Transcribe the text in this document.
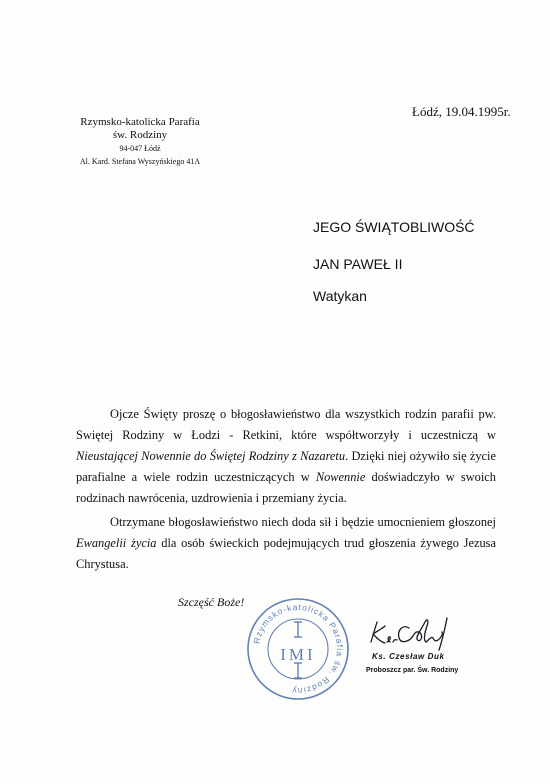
Rzymsko-katolicka Parafia
św. Rodziny
94-047 Łódź
Al. Kard. Stefana Wyszyńskiego 41A
Łódź, 19.04.1995r.
JEGO ŚWIĄTOBLIWOŚĆ
JAN PAWEŁ II
Watykan

Ojcze Święty proszę o błogosławieństwo dla wszystkich rodzin parafii pw. Swiętej Rodziny w Łodzi - Retkini, które współtworzyły i uczestniczą w Nieustającej Nowennie do Świętej Rodziny z Nazaretu. Dzięki niej ożywiło się życie parafialne a wiele rodzin uczestniczących w Nowennie doświadczyło w swoich rodzinach nawrócenia, uzdrowienia i przemiany życia.

Otrzymane błogosławieństwo niech doda sił i będzie umocnieniem głoszonej Ewangelii życia dla osób świeckich podejmujących trud głoszenia żywego Jezusa Chrystusa.

Szczęść Boże!
Rzymsko-katolicka Parafia św. Rodziny
IMI	Ks. Czesław Duk
Proboszcz par. Św. Rodziny
